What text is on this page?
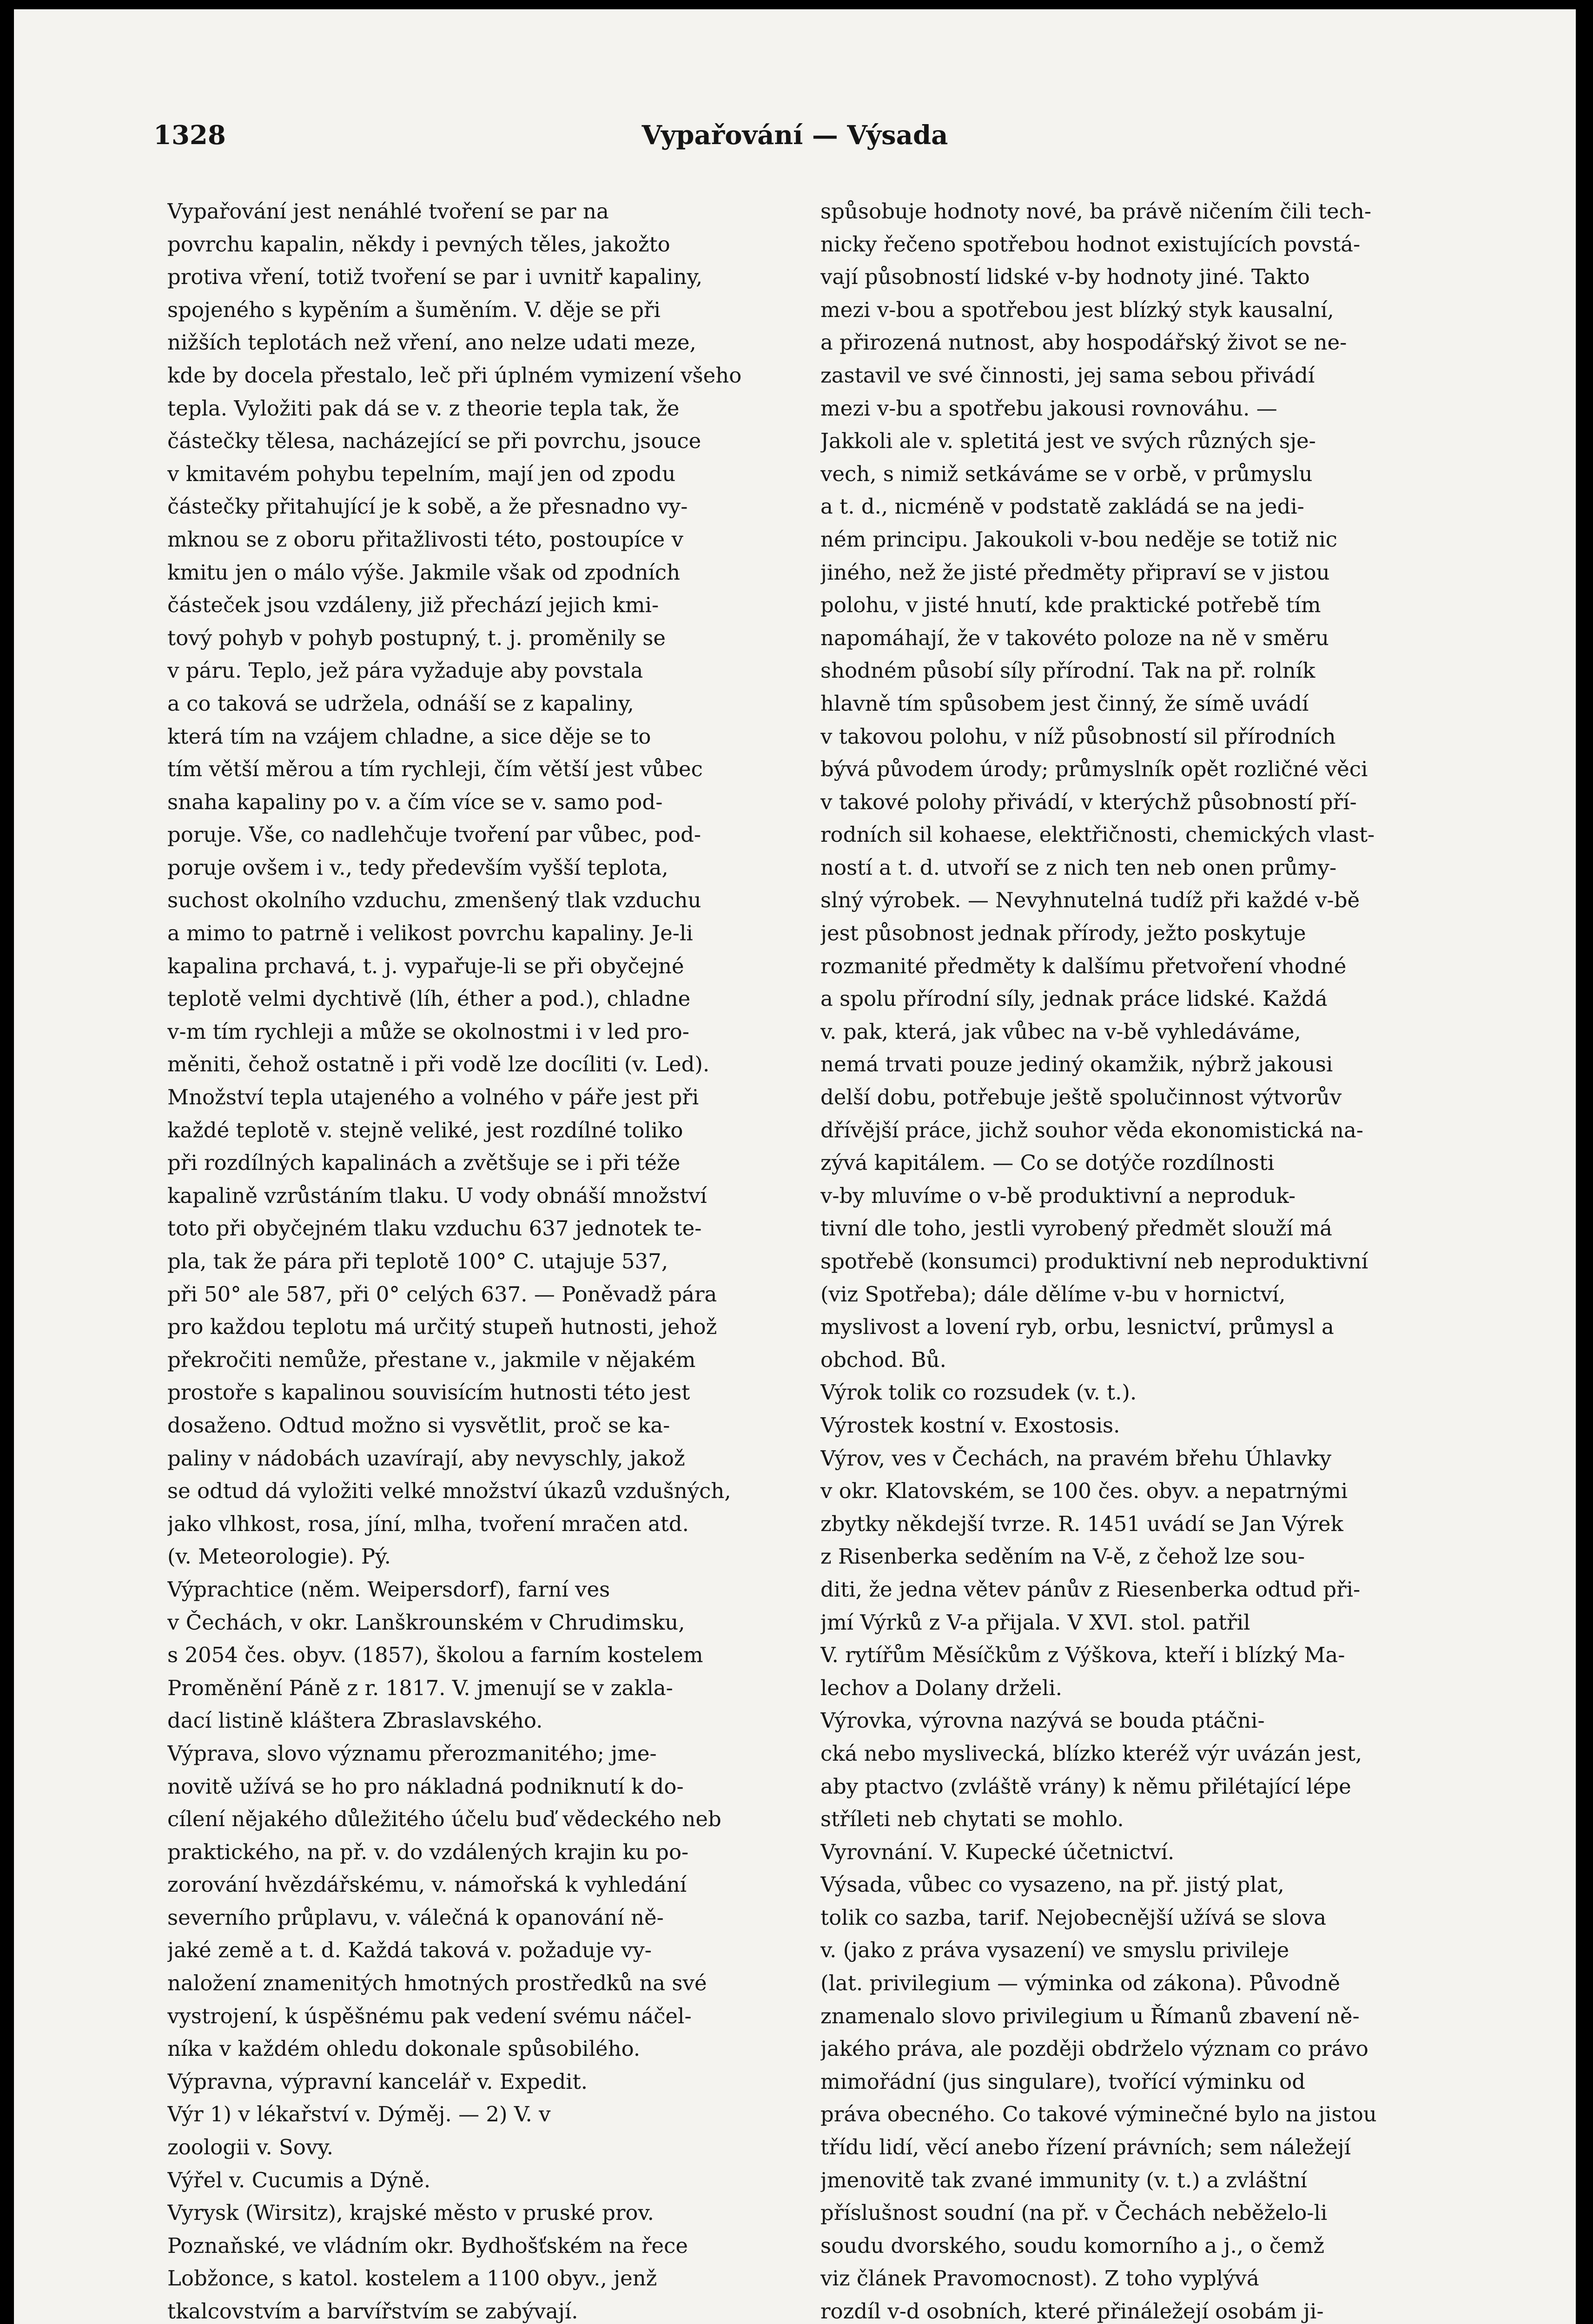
1328	Vypařování — Výsada
Vypařování jest nenáhlé tvoření se par na
povrchu kapalin, někdy i pevných těles, jakožto
protiva vření, totiž tvoření se par i uvnitř kapaliny,
spojeného s kypěním a šuměním. V. děje se při
nižších teplotách než vření, ano nelze udati meze,
kde by docela přestalo, leč při úplném vymizení všeho
tepla. Vyložiti pak dá se v. z theorie tepla tak, že
částečky tělesa, nacházející se při povrchu, jsouce
v kmitavém pohybu tepelním, mají jen od zpodu
částečky přitahující je k sobě, a že přesnadno vy-
mknou se z oboru přitažlivosti této, postoupíce v
kmitu jen o málo výše. Jakmile však od zpodních
částeček jsou vzdáleny, již přechází jejich kmi-
tový pohyb v pohyb postupný, t. j. proměnily se
v páru. Teplo, jež pára vyžaduje aby povstala
a co taková se udržela, odnáší se z kapaliny,
která tím na vzájem chladne, a sice děje se to
tím větší měrou a tím rychleji, čím větší jest vůbec
snaha kapaliny po v. a čím více se v. samo pod-
poruje. Vše, co nadlehčuje tvoření par vůbec, pod-
poruje ovšem i v., tedy především vyšší teplota,
suchost okolního vzduchu, zmenšený tlak vzduchu
a mimo to patrně i velikost povrchu kapaliny. Je-li
kapalina prchavá, t. j. vypařuje-li se při obyčejné
teplotě velmi dychtivě (líh, éther a pod.), chladne
v-m tím rychleji a může se okolnostmi i v led pro-
měniti, čehož ostatně i při vodě lze docíliti (v. Led).
Množství tepla utajeného a volného v páře jest při
každé teplotě v. stejně veliké, jest rozdílné toliko
při rozdílných kapalinách a zvětšuje se i při téže
kapalině vzrůstáním tlaku. U vody obnáší množství
toto při obyčejném tlaku vzduchu 637 jednotek te-
pla, tak že pára při teplotě 100° C. utajuje 537,
při 50° ale 587, při 0° celých 637. — Poněvadž pára
pro každou teplotu má určitý stupeň hutnosti, jehož
překročiti nemůže, přestane v., jakmile v nějakém
prostoře s kapalinou souvisícím hutnosti této jest
dosaženo. Odtud možno si vysvětlit, proč se ka-
paliny v nádobách uzavírají, aby nevyschly, jakož
se odtud dá vyložiti velké množství úkazů vzdušných,
jako vlhkost, rosa, jíní, mlha, tvoření mračen atd.
(v. Meteorologie). Pý.
Výprachtice (něm. Weipersdorf), farní ves
v Čechách, v okr. Lanškrounském v Chrudimsku,
s 2054 čes. obyv. (1857), školou a farním kostelem
Proměnění Páně z r. 1817. V. jmenují se v zakla-
dací listině kláštera Zbraslavského.
Výprava, slovo významu přerozmanitého; jme-
novitě užívá se ho pro nákladná podniknutí k do-
cílení nějakého důležitého účelu buď vědeckého neb
praktického, na př. v. do vzdálených krajin ku po-
zorování hvězdářskému, v. námořská k vyhledání
severního průplavu, v. válečná k opanování ně-
jaké země a t. d. Každá taková v. požaduje vy-
naložení znamenitých hmotných prostředků na své
vystrojení, k úspěšnému pak vedení svému náčel-
níka v každém ohledu dokonale spůsobilého.
Výpravna, výpravní kancelář v. Expedit.
Výr 1) v lékařství v. Dýměj. — 2) V. v
zoologii v. Sovy.
Výřel v. Cucumis a Dýně.
Vyrysk (Wirsitz), krajské město v pruské prov.
Poznaňské, ve vládním okr. Bydhošťském na řece
Lobžonce, s katol. kostelem a 1100 obyv., jenž
tkalcovstvím a barvířstvím se zabývají.
spůsobuje hodnoty nové, ba právě ničením čili tech-
nicky řečeno spotřebou hodnot existujících povstá-
vají působností lidské v-by hodnoty jiné. Takto
mezi v-bou a spotřebou jest blízký styk kausalní,
a přirozená nutnost, aby hospodářský život se ne-
zastavil ve své činnosti, jej sama sebou přivádí
mezi v-bu a spotřebu jakousi rovnováhu. —
Jakkoli ale v. spletitá jest ve svých různých sje-
vech, s nimiž setkáváme se v orbě, v průmyslu
a t. d., nicméně v podstatě zakládá se na jedi-
ném principu. Jakoukoli v-bou neděje se totiž nic
jiného, než že jisté předměty připraví se v jistou
polohu, v jisté hnutí, kde praktické potřebě tím
napomáhají, že v takovéto poloze na ně v směru
shodném působí síly přírodní. Tak na př. rolník
hlavně tím spůsobem jest činný, že símě uvádí
v takovou polohu, v níž působností sil přírodních
bývá původem úrody; průmyslník opět rozličné věci
v takové polohy přivádí, v kterýchž působností pří-
rodních sil kohaese, elektřičnosti, chemických vlast-
ností a t. d. utvoří se z nich ten neb onen průmy-
slný výrobek. — Nevyhnutelná tudíž při každé v-bě
jest působnost jednak přírody, ježto poskytuje
rozmanité předměty k dalšímu přetvoření vhodné
a spolu přírodní síly, jednak práce lidské. Každá
v. pak, která, jak vůbec na v-bě vyhledáváme,
nemá trvati pouze jediný okamžik, nýbrž jakousi
delší dobu, potřebuje ještě spolučinnost výtvorův
dřívější práce, jichž souhor věda ekonomistická na-
zývá kapitálem. — Co se dotýče rozdílnosti
v-by mluvíme o v-bě produktivní a neproduk-
tivní dle toho, jestli vyrobený předmět slouží má
spotřebě (konsumci) produktivní neb neproduktivní
(viz Spotřeba); dále dělíme v-bu v hornictví,
myslivost a lovení ryb, orbu, lesnictví, průmysl a
obchod. Bů.
Výrok tolik co rozsudek (v. t.).
Výrostek kostní v. Exostosis.
Výrov, ves v Čechách, na pravém břehu Úhlavky
v okr. Klatovském, se 100 čes. obyv. a nepatrnými
zbytky někdejší tvrze. R. 1451 uvádí se Jan Výrek
z Risenberka seděním na V-ě, z čehož lze sou-
diti, že jedna větev pánův z Riesenberka odtud při-
jmí Výrků z V-a přijala. V XVI. stol. patřil
V. rytířům Měsíčkům z Výškova, kteří i blízký Ma-
lechov a Dolany drželi.
Výrovka, výrovna nazývá se bouda ptáčni-
cká nebo myslivecká, blízko kteréž výr uvázán jest,
aby ptactvo (zvláště vrány) k němu přilétající lépe
stříleti neb chytati se mohlo.
Vyrovnání. V. Kupecké účetnictví.
Výsada, vůbec co vysazeno, na př. jistý plat,
tolik co sazba, tarif. Nejobecnější užívá se slova
v. (jako z práva vysazení) ve smyslu privileje
(lat. privilegium — výminka od zákona). Původně
znamenalo slovo privilegium u Římanů zbavení ně-
jakého práva, ale později obdrželo význam co právo
mimořádní (jus singulare), tvořící výminku od
práva obecného. Co takové výminečné bylo na jistou
třídu lidí, věcí anebo řízení právních; sem náležejí
jmenovitě tak zvané immunity (v. t.) a zvláštní
příslušnost soudní (na př. v Čechách neběželo-li
soudu dvorského, soudu komorního a j., o čemž
viz článek Pravomocnost). Z toho vyplývá
rozdíl v-d osobních, které přináležejí osobám ji-
